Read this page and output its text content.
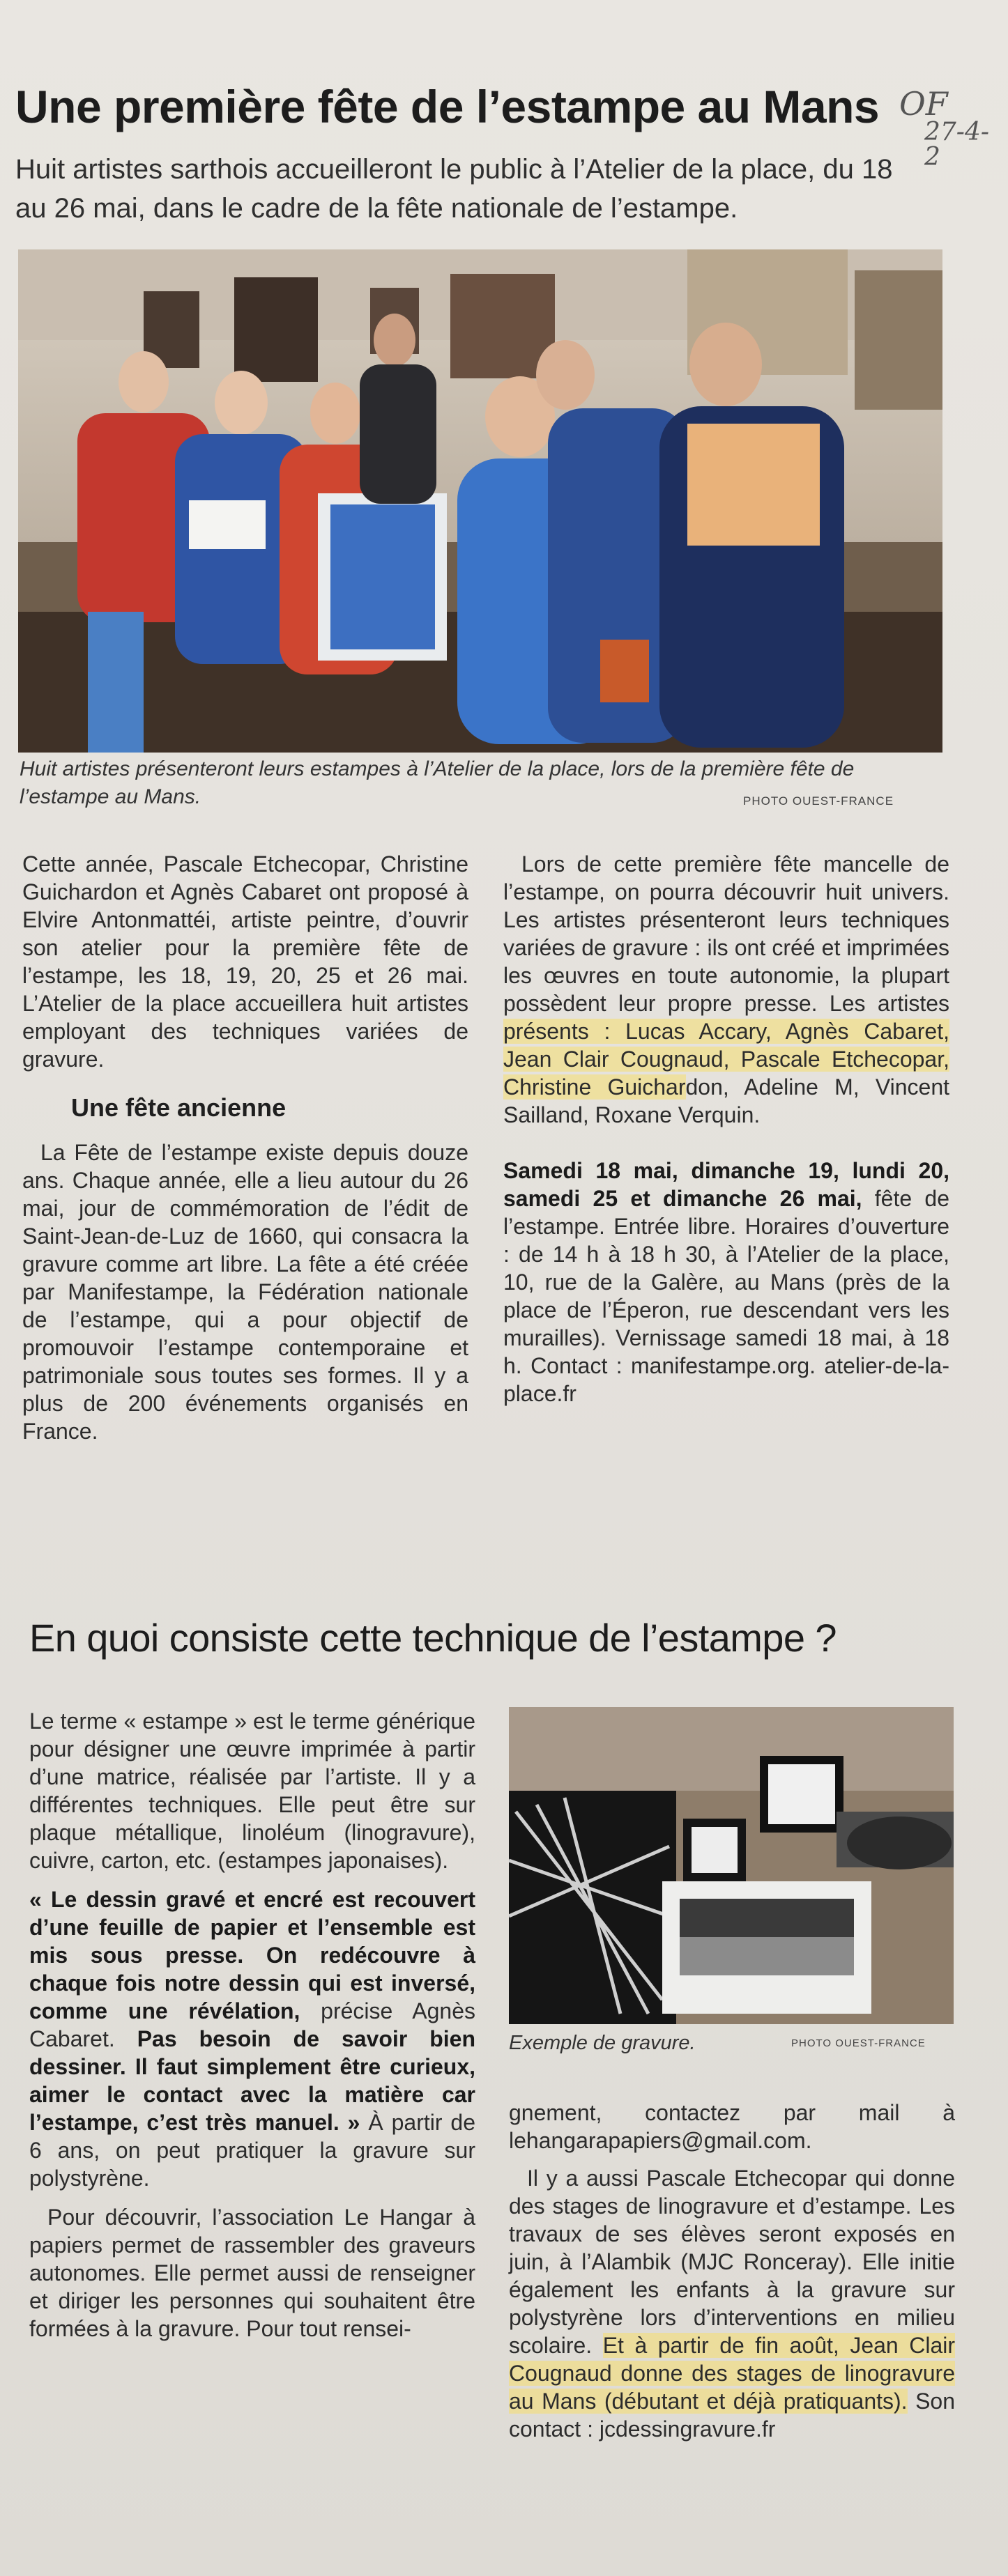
Une première fête de l’estampe au Mans OF
27-4-2
Huit artistes sarthois accueilleront le public à l’Atelier de la place, du 18 au 26 mai, dans le cadre de la fête nationale de l’estampe.
Huit artistes présenteront leurs estampes à l’Atelier de la place, lors de la première fête de l’estampe au Mans.	PHOTO OUEST-FRANCE

Cette année, Pascale Etchecopar, Christine Guichardon et Agnès Cabaret ont proposé à Elvire Antonmattéi, artiste peintre, d’ouvrir son atelier pour la première fête de l’estampe, les 18, 19, 20, 25 et 26 mai. L’Atelier de la place accueillera huit artistes employant des techniques variées de gravure.

Une fête ancienne

La Fête de l’estampe existe depuis douze ans. Chaque année, elle a lieu autour du 26 mai, jour de commémoration de l’édit de Saint-Jean-de-Luz de 1660, qui consacra la gravure comme art libre. La fête a été créée par Manifestampe, la Fédération nationale de l’estampe, qui a pour objectif de promouvoir l’estampe contemporaine et patrimoniale sous toutes ses formes. Il y a plus de 200 événements organisés en France.

Lors de cette première fête mancelle de l’estampe, on pourra découvrir huit univers. Les artistes présenteront leurs techniques variées de gravure : ils ont créé et imprimées les œuvres en toute autonomie, la plupart possèdent leur propre presse. Les artistes présents : Lucas Accary, Agnès Cabaret, Jean Clair Cougnaud, Pascale Etchecopar, Christine Guichardon, Adeline M, Vincent Sailland, Roxane Verquin.

Samedi 18 mai, dimanche 19, lundi 20, samedi 25 et dimanche 26 mai, fête de l’estampe. Entrée libre. Horaires d’ouverture : de 14 h à 18 h 30, à l’Atelier de la place, 10, rue de la Galère, au Mans (près de la place de l’Éperon, rue descendant vers les murailles). Vernissage samedi 18 mai, à 18 h. Contact : manifestampe.org. atelier-de-la-place.fr

En quoi consiste cette technique de l’estampe ?

Le terme « estampe » est le terme générique pour désigner une œuvre imprimée à partir d’une matrice, réalisée par l’artiste. Il y a différentes techniques. Elle peut être sur plaque métallique, linoléum (linogravure), cuivre, carton, etc. (estampes japonaises).

« Le dessin gravé et encré est recouvert d’une feuille de papier et l’ensemble est mis sous presse. On redécouvre à chaque fois notre dessin qui est inversé, comme une révélation, précise Agnès Cabaret. Pas besoin de savoir bien dessiner. Il faut simplement être curieux, aimer le contact avec la matière car l’estampe, c’est très manuel. » À partir de 6 ans, on peut pratiquer la gravure sur polystyrène.

Pour découvrir, l’association Le Hangar à papiers permet de rassembler des graveurs autonomes. Elle permet aussi de renseigner et diriger les personnes qui souhaitent être formées à la gravure. Pour tout rensei-

Exemple de gravure.	PHOTO OUEST-FRANCE

gnement, contactez par mail à lehangarapapiers@gmail.com.

Il y a aussi Pascale Etchecopar qui donne des stages de linogravure et d’estampe. Les travaux de ses élèves seront exposés en juin, à l’Alambik (MJC Ronceray). Elle initie également les enfants à la gravure sur polystyrène lors d’interventions en milieu scolaire. Et à partir de fin août, Jean Clair Cougnaud donne des stages de linogravure au Mans (débutant et déjà pratiquants). Son contact : jcdessingravure.fr
